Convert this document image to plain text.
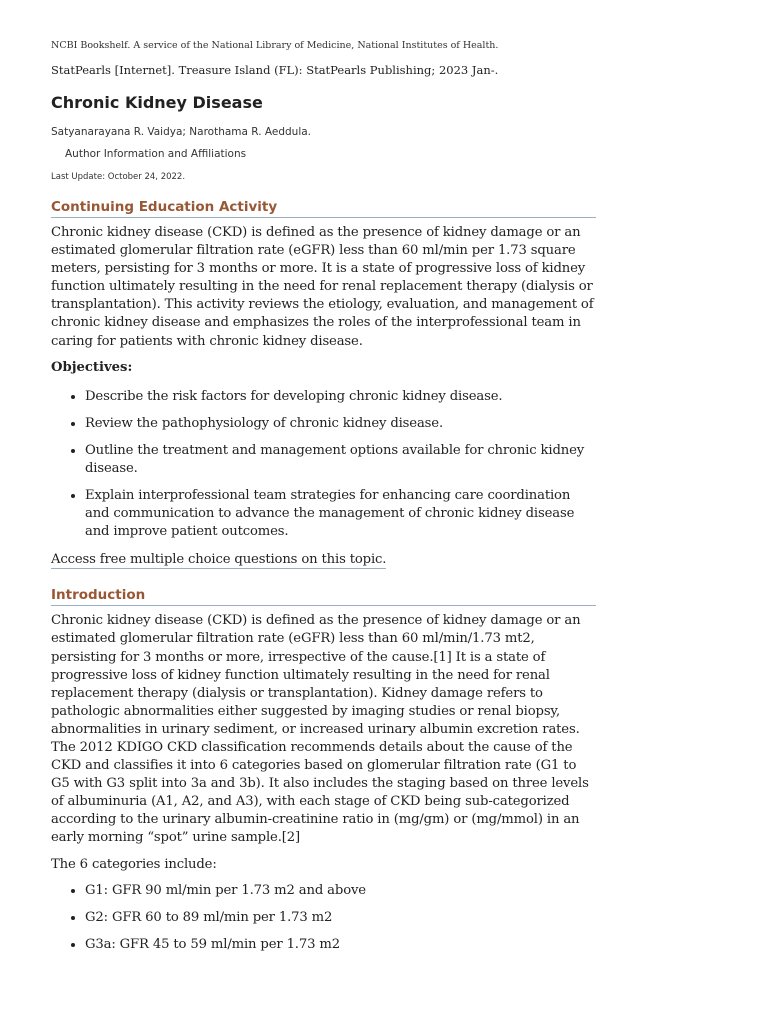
NCBI Bookshelf. A service of the National Library of Medicine, National Institutes of Health.
StatPearls [Internet]. Treasure Island (FL): StatPearls Publishing; 2023 Jan-.
Chronic Kidney Disease
Satyanarayana R. Vaidya; Narothama R. Aeddula.
Author Information and Affiliations
Last Update: October 24, 2022.
Continuing Education Activity

Chronic kidney disease (CKD) is defined as the presence of kidney damage or an estimated glomerular filtration rate (eGFR) less than 60 ml/min per 1.73 square meters, persisting for 3 months or more. It is a state of progressive loss of kidney function ultimately resulting in the need for renal replacement therapy (dialysis or transplantation). This activity reviews the etiology, evaluation, and management of chronic kidney disease and emphasizes the roles of the interprofessional team in caring for patients with chronic kidney disease.

Objectives:

• Describe the risk factors for developing chronic kidney disease.
• Review the pathophysiology of chronic kidney disease.
• Outline the treatment and management options available for chronic kidney disease.
• Explain interprofessional team strategies for enhancing care coordination and communication to advance the management of chronic kidney disease and improve patient outcomes.
Access free multiple choice questions on this topic.
Introduction

Chronic kidney disease (CKD) is defined as the presence of kidney damage or an estimated glomerular filtration rate (eGFR) less than 60 ml/min/1.73 mt2, persisting for 3 months or more, irrespective of the cause.[1] It is a state of progressive loss of kidney function ultimately resulting in the need for renal replacement therapy (dialysis or transplantation). Kidney damage refers to pathologic abnormalities either suggested by imaging studies or renal biopsy, abnormalities in urinary sediment, or increased urinary albumin excretion rates. The 2012 KDIGO CKD classification recommends details about the cause of the CKD and classifies it into 6 categories based on glomerular filtration rate (G1 to G5 with G3 split into 3a and 3b). It also includes the staging based on three levels of albuminuria (A1, A2, and A3), with each stage of CKD being sub-categorized according to the urinary albumin-creatinine ratio in (mg/gm) or (mg/mmol) in an early morning “spot” urine sample.[2]

The 6 categories include:

• G1: GFR 90 ml/min per 1.73 m2 and above
• G2: GFR 60 to 89 ml/min per 1.73 m2
• G3a: GFR 45 to 59 ml/min per 1.73 m2
